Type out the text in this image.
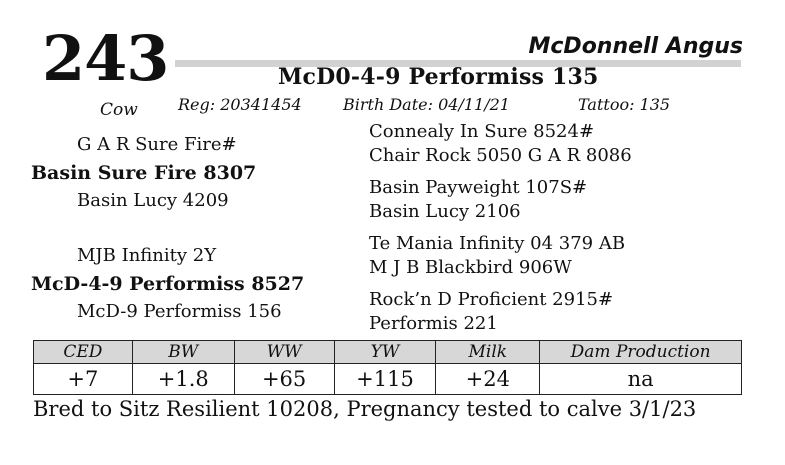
243
Cow
McDonnell Angus
McD0-4-9 Performiss 135
Reg: 20341454	Birth Date: 04/11/21	Tattoo: 135
G A R Sure Fire#
Basin Sure Fire 8307
Basin Lucy 4209
MJB Infinity 2Y
McD-4-9 Performiss 8527
McD-9 Performiss 156
Connealy In Sure 8524#
Chair Rock 5050 G A R 8086
Basin Payweight 107S#
Basin Lucy 2106
Te Mania Infinity 04 379 AB
M J B Blackbird 906W
Rock’n D Proficient 2915#
Performis 221
CED	BW	WW	YW	Milk	Dam Production
+7	+1.8	+65	+115	+24	na
Bred to Sitz Resilient 10208, Pregnancy tested to calve 3/1/23
